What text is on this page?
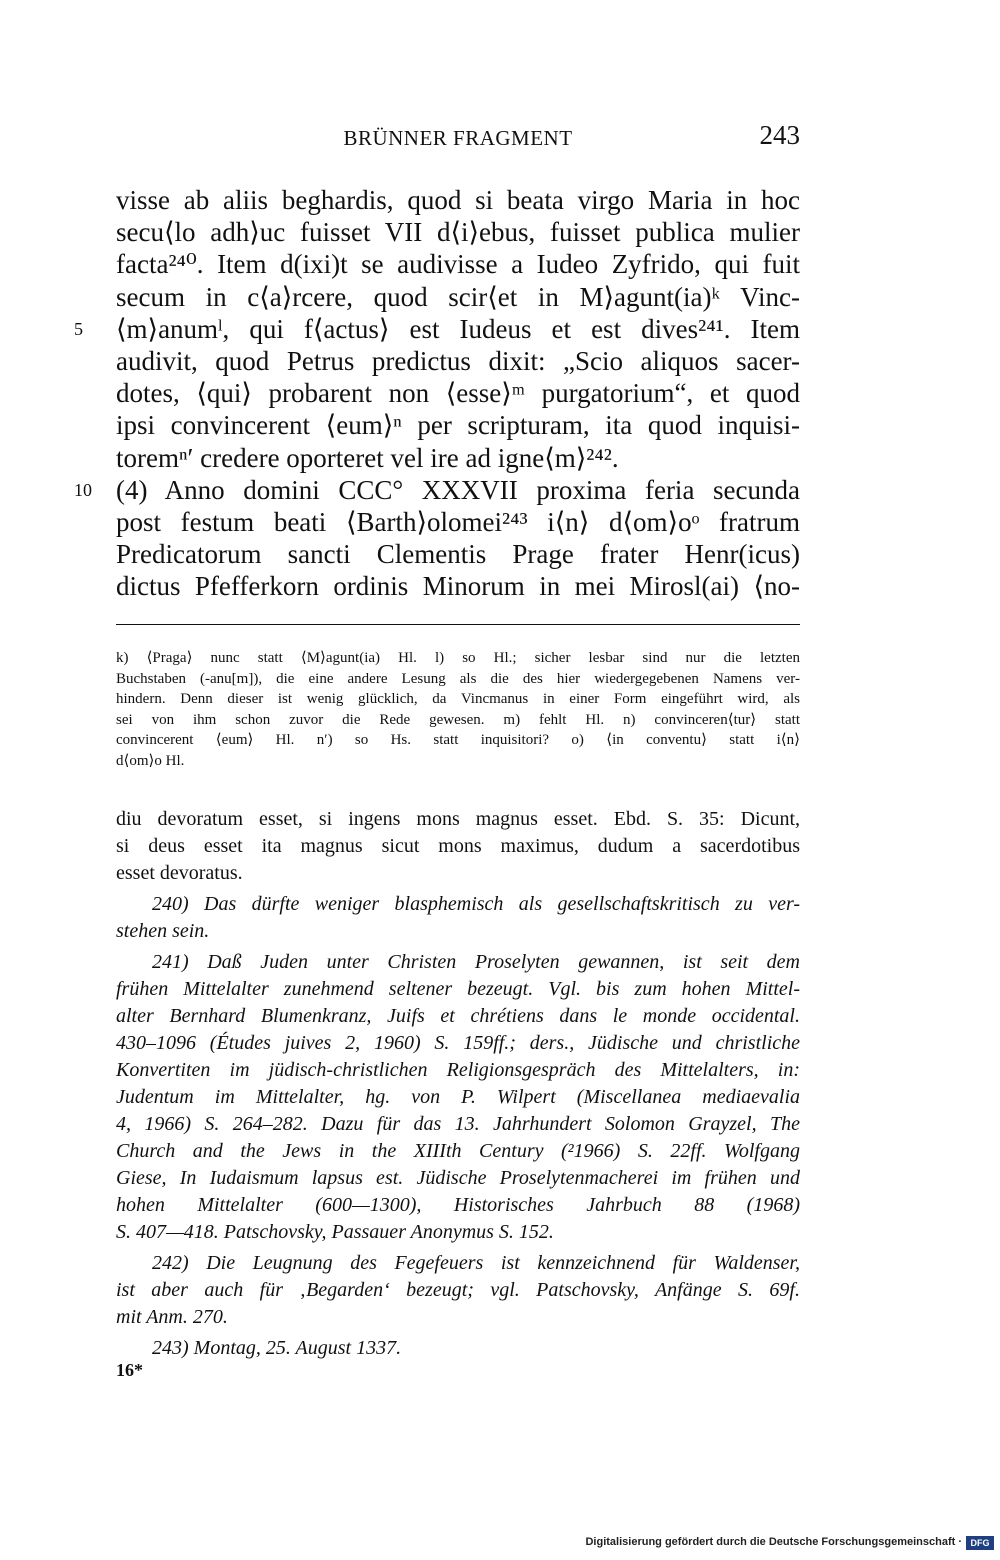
BRÜNNER FRAGMENT	243
visse ab aliis beghardis, quod si beata virgo Maria in hoc
secu⟨lo adh⟩uc fuisset VII d⟨i⟩ebus, fuisset publica mulier
facta²⁴⁰. Item d(ixi)t se audivisse a Iudeo Zyfrido, qui fuit
secum in c⟨a⟩rcere, quod scir⟨et in M⟩agunt(ia)ᵏ Vinc-
5	⟨m⟩anumˡ, qui f⟨actus⟩ est Iudeus et est dives²⁴¹. Item
audivit, quod Petrus predictus dixit: „Scio aliquos sacer-
dotes, ⟨qui⟩ probarent non ⟨esse⟩ᵐ purgatorium“, et quod
ipsi convincerent ⟨eum⟩ⁿ per scripturam, ita quod inquisi-
toremⁿ′ credere oporteret vel ire ad igne⟨m⟩²⁴².
10 (4) Anno domini CCC° XXXVII proxima feria secunda
post festum beati ⟨Barth⟩olomei²⁴³ i⟨n⟩ d⟨om⟩oᵒ fratrum
Predicatorum sancti Clementis Prage frater Henr(icus)
dictus Pfefferkorn ordinis Minorum in mei Mirosl(ai) ⟨no-
k) ⟨Praga⟩ nunc statt ⟨M⟩agunt(ia) Hl. l) so Hl.; sicher lesbar sind nur die letzten
Buchstaben (-anu[m]), die eine andere Lesung als die des hier wiedergegebenen Namens ver-
hindern. Denn dieser ist wenig glücklich, da Vincmanus in einer Form eingeführt wird, als
sei von ihm schon zuvor die Rede gewesen. m) fehlt Hl. n) convinceren⟨tur⟩ statt
convincerent ⟨eum⟩ Hl. n′) so Hs. statt inquisitori? o) ⟨in conventu⟩ statt i⟨n⟩
d⟨om⟩o Hl.
diu devoratum esset, si ingens mons magnus esset. Ebd. S. 35: Dicunt,
si deus esset ita magnus sicut mons maximus, dudum a sacerdotibus
esset devoratus.
240) Das dürfte weniger blasphemisch als gesellschaftskritisch zu ver-
stehen sein.
241) Daß Juden unter Christen Proselyten gewannen, ist seit dem
frühen Mittelalter zunehmend seltener bezeugt. Vgl. bis zum hohen Mittel-
alter Bernhard Blumenkranz, Juifs et chrétiens dans le monde occidental.
430–1096 (Études juives 2, 1960) S. 159ff.; ders., Jüdische und christliche
Konvertiten im jüdisch-christlichen Religionsgespräch des Mittelalters, in:
Judentum im Mittelalter, hg. von P. Wilpert (Miscellanea mediaevalia
4, 1966) S. 264–282. Dazu für das 13. Jahrhundert Solomon Grayzel, The
Church and the Jews in the XIIIth Century (²1966) S. 22ff. Wolfgang
Giese, In Iudaismum lapsus est. Jüdische Proselytenmacherei im frühen und
hohen Mittelalter (600—1300), Historisches Jahrbuch 88 (1968)
S. 407—418. Patschovsky, Passauer Anonymus S. 152.
242) Die Leugnung des Fegefeuers ist kennzeichnend für Waldenser,
ist aber auch für ‚Begarden‘ bezeugt; vgl. Patschovsky, Anfänge S. 69f.
mit Anm. 270.
243) Montag, 25. August 1337.
16*
Digitalisierung gefördert durch die Deutsche Forschungsgemeinschaft · DFG
